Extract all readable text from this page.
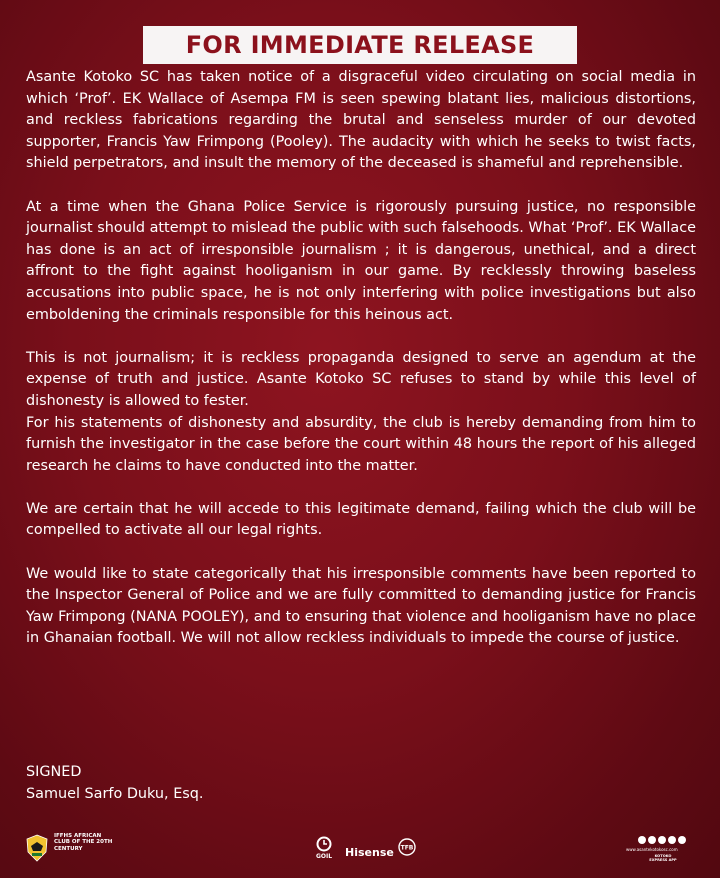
FOR IMMEDIATE RELEASE

Asante Kotoko SC has taken notice of a disgraceful video circulating on social media in which ‘Prof’. EK Wallace of Asempa FM is seen spewing blatant lies, malicious distortions, and reckless fabrications regarding the brutal and senseless murder of our devoted supporter, Francis Yaw Frimpong (Pooley). The audacity with which he seeks to twist facts, shield perpetrators, and insult the memory of the deceased is shameful and reprehensible.

At a time when the Ghana Police Service is rigorously pursuing justice, no responsible journalist should attempt to mislead the public with such falsehoods. What ‘Prof’. EK Wallace has done is an act of irresponsible journalism ; it is dangerous, unethical, and a direct affront to the fight against hooliganism in our game. By recklessly throwing baseless accusations into public space, he is not only interfering with police investigations but also emboldening the criminals responsible for this heinous act.

This is not journalism; it is reckless propaganda designed to serve an agendum at the expense of truth and justice. Asante Kotoko SC refuses to stand by while this level of dishonesty is allowed to fester.

For his statements of dishonesty and absurdity, the club is hereby demanding from him to furnish the investigator in the case before the court within 48 hours the report of his alleged research he claims to have conducted into the matter.

We are certain that he will accede to this legitimate demand, failing which the club will be compelled to activate all our legal rights.

We would like to state categorically that his irresponsible comments have been reported to the Inspector General of Police and we are fully committed to demanding justice for Francis Yaw Frimpong (NANA POOLEY), and to ensuring that violence and hooliganism have no place in Ghanaian football. We will not allow reckless individuals to impede the course of justice.

SIGNED
Samuel Sarfo Duku, Esq.
IFFHS AFRICAN CLUB OF THE 20TH CENTURY
GOIL Hisense TFB	www.asantekotokosc.com
KOTOKO EXPRESS APP
